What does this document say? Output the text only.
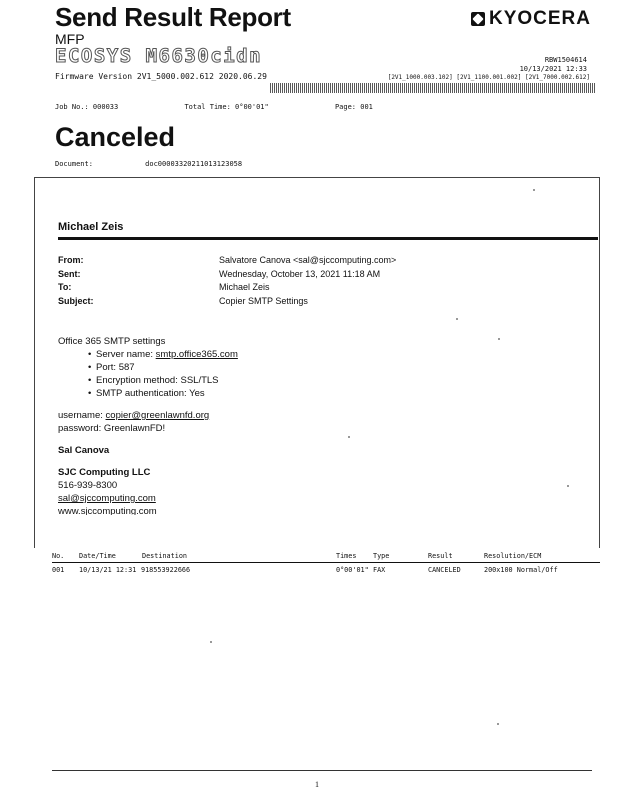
Send Result Report
MFP
KYOCERA
ECOSYS M6630cidn
Firmware Version 2V1_5000.002.612 2020.06.29
RBW1504614
10/13/2021 12:33
[2V1_1000.003.102] [2V1_1100.001.002] [2V1_7000.002.612]
Job No.: 000033	Total Time: 0°00'01"	Page: 001
Canceled
Document:	doc00003320211013123058
Michael Zeis
From:	Salvatore Canova <sal@sjccomputing.com>
Sent:	Wednesday, October 13, 2021 11:18 AM
To:	Michael Zeis
Subject:	Copier SMTP Settings
Office 365 SMTP settings
• Server name: smtp.office365.com
• Port: 587
• Encryption method: SSL/TLS
• SMTP authentication: Yes
username: copier@greenlawnfd.org
password: GreenlawnFD!
Sal Canova
SJC Computing LLC
516-939-8300
sal@sjccomputing.com
www.sjccomputing.com
No. Date/Time	Destination	Times Type	Result	Resolution/ECM
001 10/13/21 12:31 918553922666	0°00'01" FAX	CANCELED	200x100 Normal/Off
1
